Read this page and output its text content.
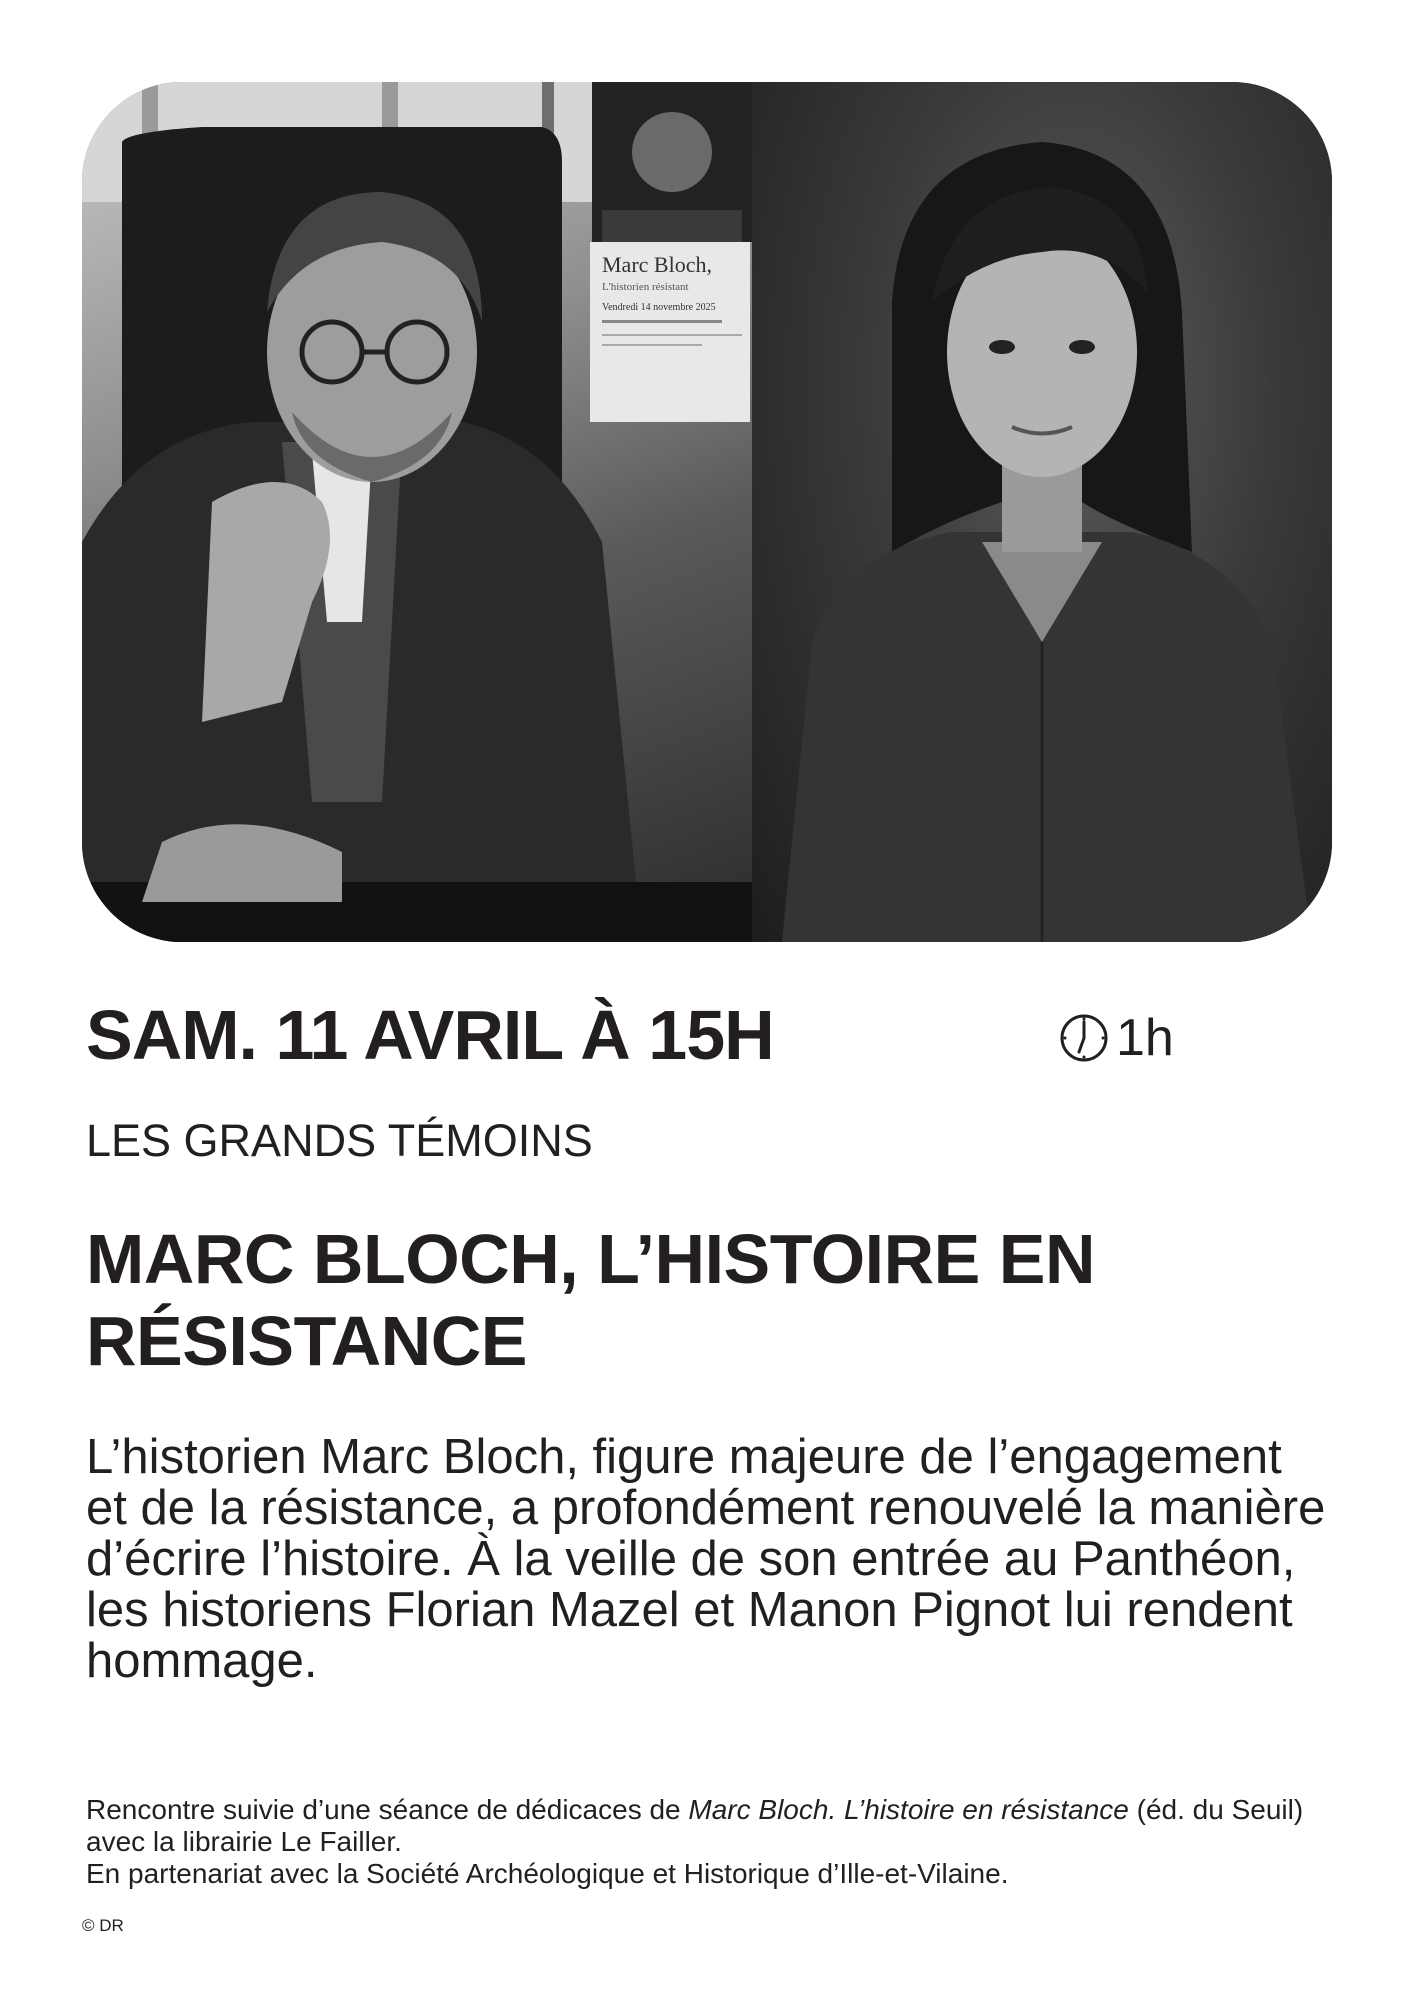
Marc Bloch,
L'historien résistant
Vendredi 14 novembre 2025
SAM. 11 AVRIL À 15H	1h
LES GRANDS TÉMOINS
MARC BLOCH, L’HISTOIRE EN RÉSISTANCE

L’historien Marc Bloch, figure majeure de l’engagement et de la résistance, a profondément renouvelé la manière d’écrire l’histoire. À la veille de son entrée au Panthéon, les historiens Florian Mazel et Manon Pignot lui rendent hommage.

Rencontre suivie d’une séance de dédicaces de Marc Bloch. L’histoire en résistance (éd. du Seuil) avec la librairie Le Failler.
En partenariat avec la Société Archéologique et Historique d’Ille-et-Vilaine.

© DR
